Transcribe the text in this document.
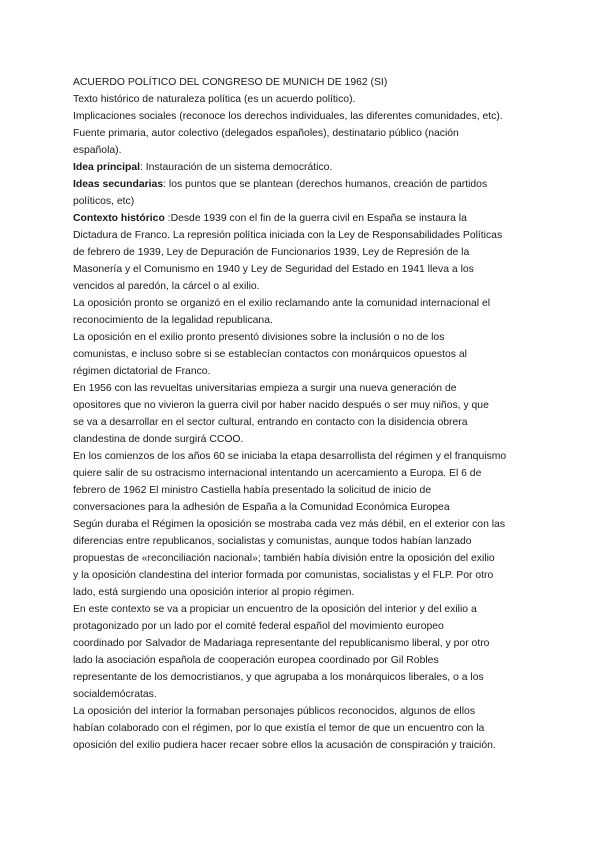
ACUERDO POLÍTICO DEL CONGRESO DE MUNICH DE 1962 (SI)
Texto histórico de naturaleza política (es un acuerdo político).
Implicaciones sociales (reconoce los derechos individuales, las diferentes comunidades, etc).
Fuente primaria, autor colectivo (delegados españoles), destinatario público (nación
española).
Idea principal: Instauración de un sistema democrático.
Ideas secundarias: los puntos que se plantean (derechos humanos, creación de partidos
políticos, etc)
Contexto histórico :Desde 1939 con el fin de la guerra civil en España se instaura la
Dictadura de Franco. La represión política iniciada con la Ley de Responsabilidades Políticas
de febrero de 1939, Ley de Depuración de Funcionarios 1939, Ley de Represión de la
Masonería y el Comunismo en 1940 y Ley de Seguridad del Estado en 1941 lleva a los
vencidos al paredón, la cárcel o al exilio.
La oposición pronto se organizó en el exilio reclamando ante la comunidad internacional el
reconocimiento de la legalidad republicana.
La oposición en el exilio pronto presentó divisiones sobre la inclusión o no de los
comunistas, e incluso sobre si se establecían contactos con monárquicos opuestos al
régimen dictatorial de Franco.
En 1956 con las revueltas universitarias empieza a surgir una nueva generación de
opositores que no vivieron la guerra civil por haber nacido después o ser muy niños, y que
se va a desarrollar en el sector cultural, entrando en contacto con la disidencia obrera
clandestina de donde surgirá CCOO.
En los comienzos de los años 60 se iniciaba la etapa desarrollista del régimen y el franquismo
quiere salir de su ostracismo internacional intentando un acercamiento a Europa. El 6 de
febrero de 1962 El ministro Castiella había presentado la solicitud de inicio de
conversaciones para la adhesión de España a la Comunidad Económica Europea
Según duraba el Régimen la oposición se mostraba cada vez más débil, en el exterior con las
diferencias entre republicanos, socialistas y comunistas, aunque todos habían lanzado
propuestas de «reconciliación nacional»; también había división entre la oposición del exilio
y la oposición clandestina del interior formada por comunistas, socialistas y el FLP. Por otro
lado, está surgiendo una oposición interior al propio régimen.
En este contexto se va a propiciar un encuentro de la oposición del interior y del exilio a
protagonizado por un lado por el comité federal español del movimiento europeo
coordinado por Salvador de Madariaga representante del republicanismo liberal, y por otro
lado la asociación española de cooperación europea coordinado por Gil Robles
representante de los democristianos, y que agrupaba a los monárquicos liberales, o a los
socialdemócratas.
La oposición del interior la formaban personajes públicos reconocidos, algunos de ellos
habían colaborado con el régimen, por lo que existía el temor de que un encuentro con la
oposición del exilio pudiera hacer recaer sobre ellos la acusación de conspiración y traición.
